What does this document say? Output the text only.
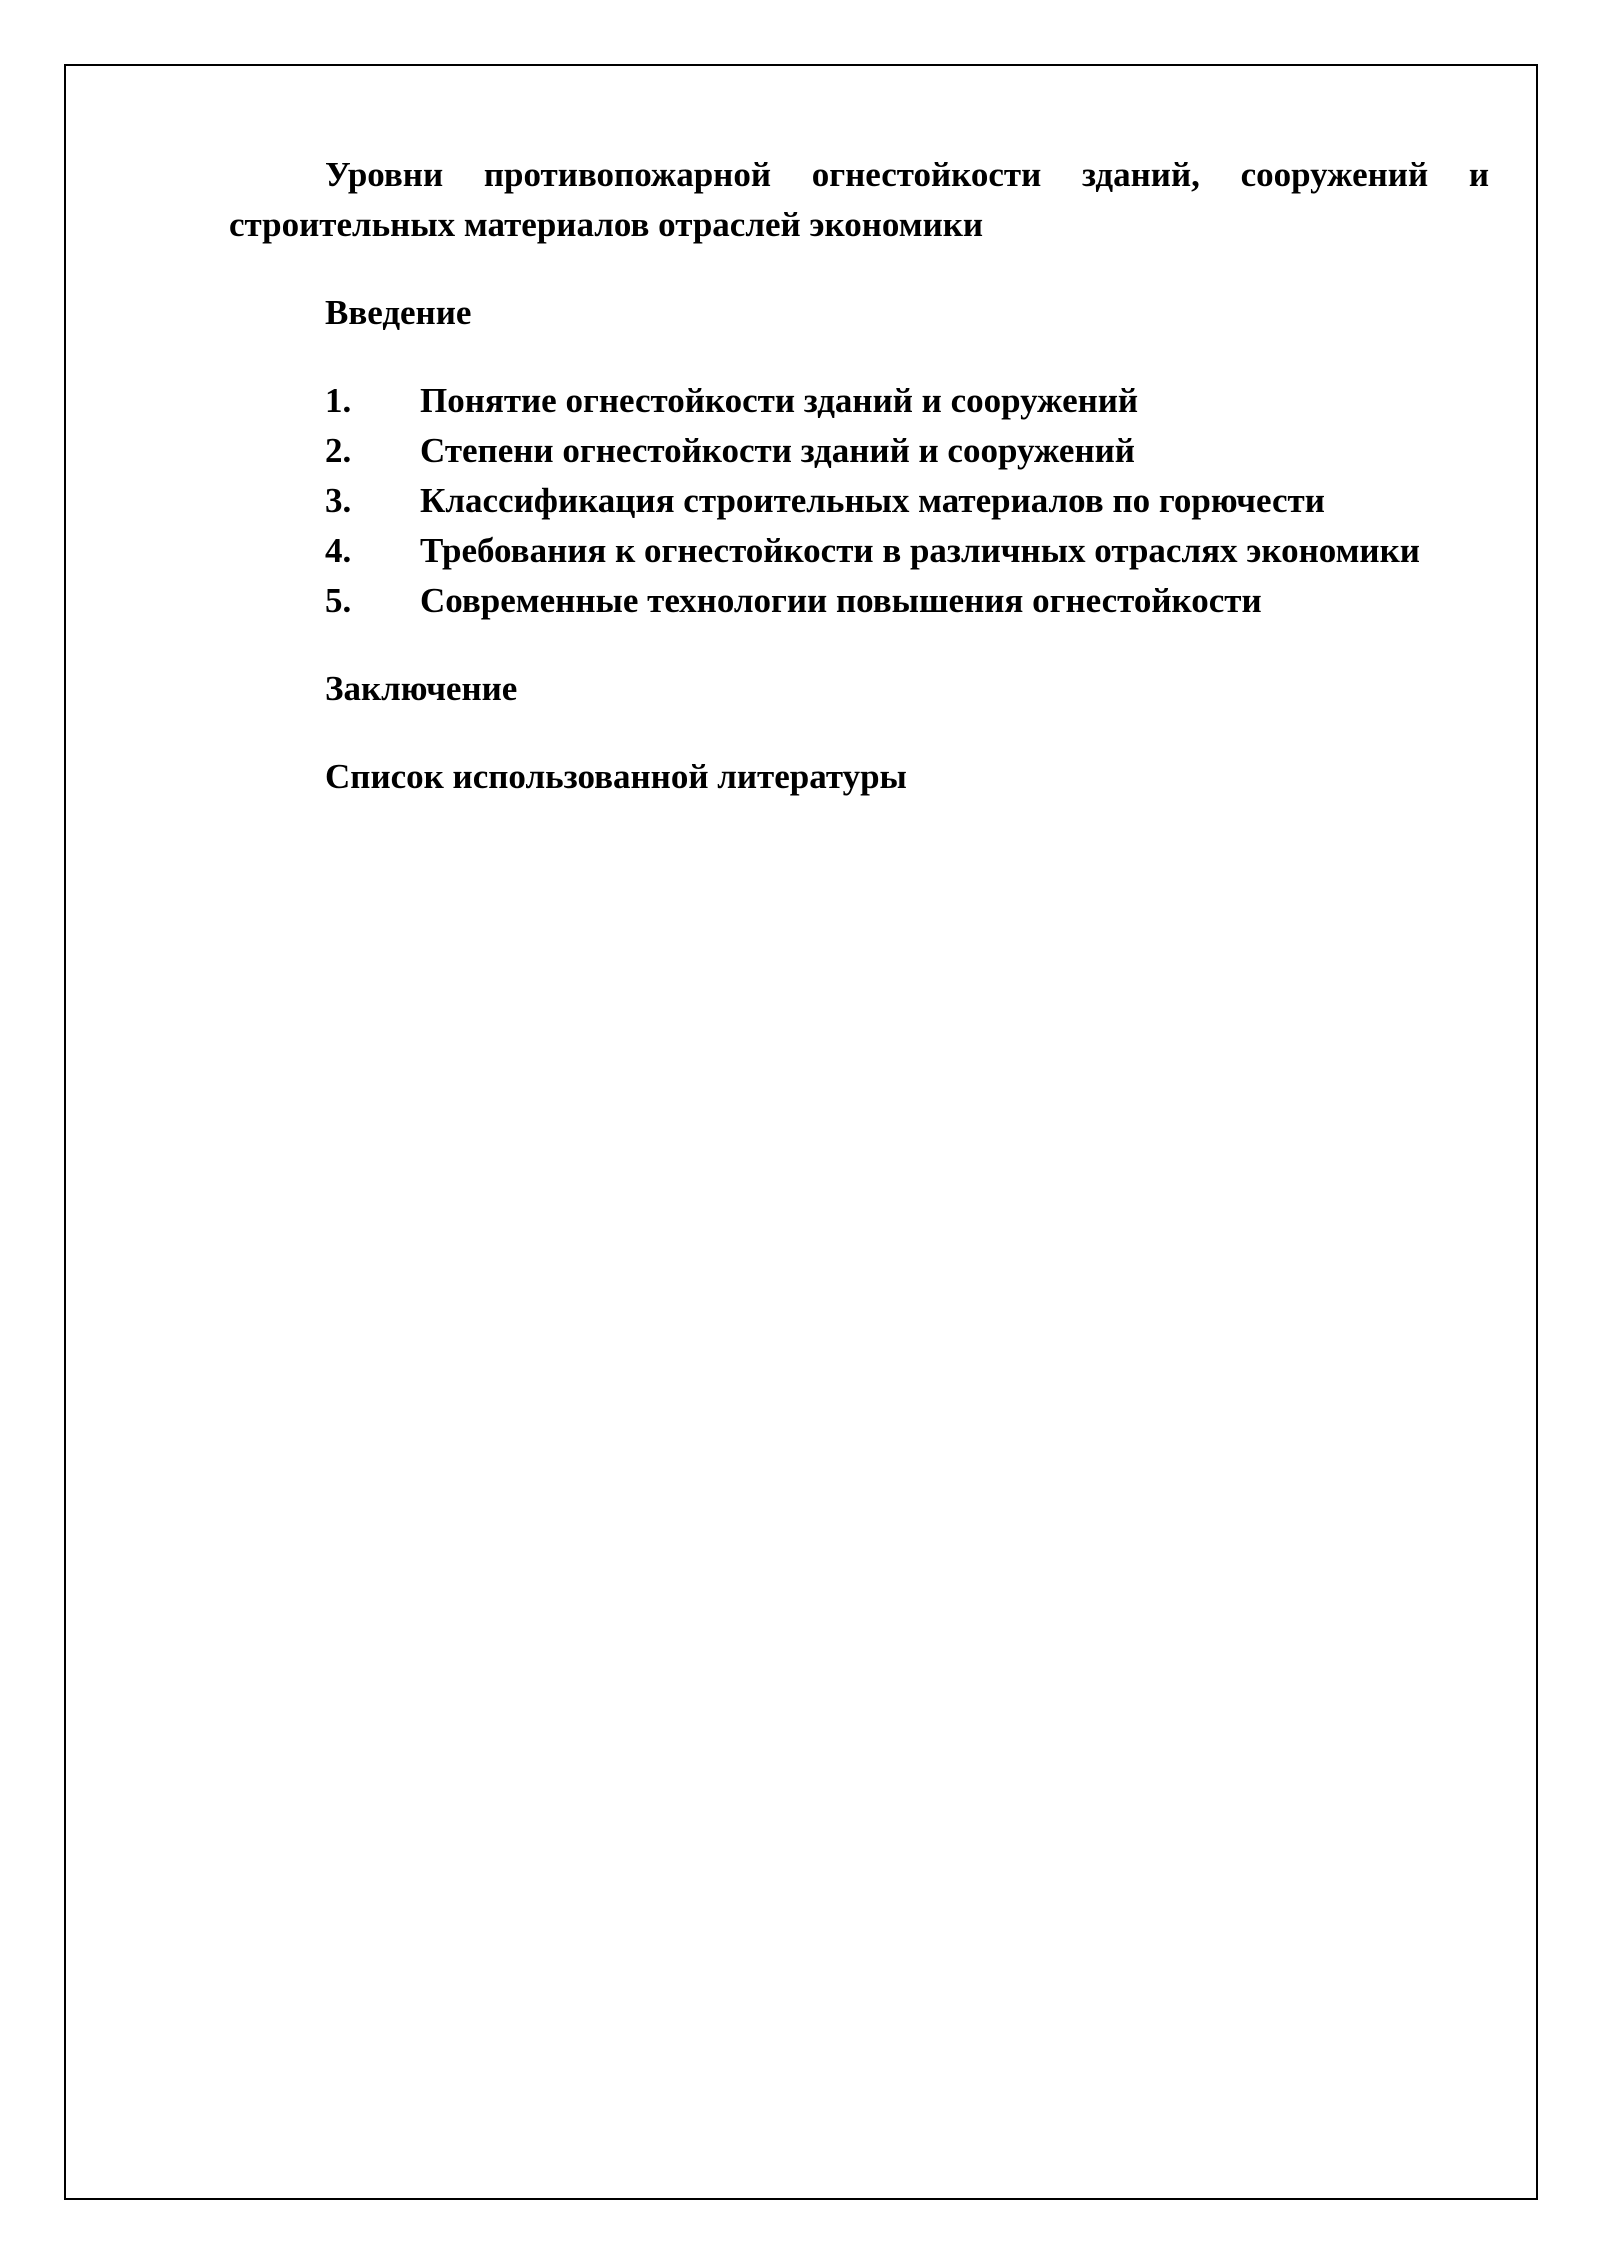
Уровни противопожарной огнестойкости зданий, сооружений и строительных материалов отраслей экономики

Введение

1. Понятие огнестойкости зданий и сооружений
2. Степени огнестойкости зданий и сооружений
3. Классификация строительных материалов по горючести
4. Требования к огнестойкости в различных отраслях экономики
5. Современные технологии повышения огнестойкости

Заключение

Список использованной литературы
